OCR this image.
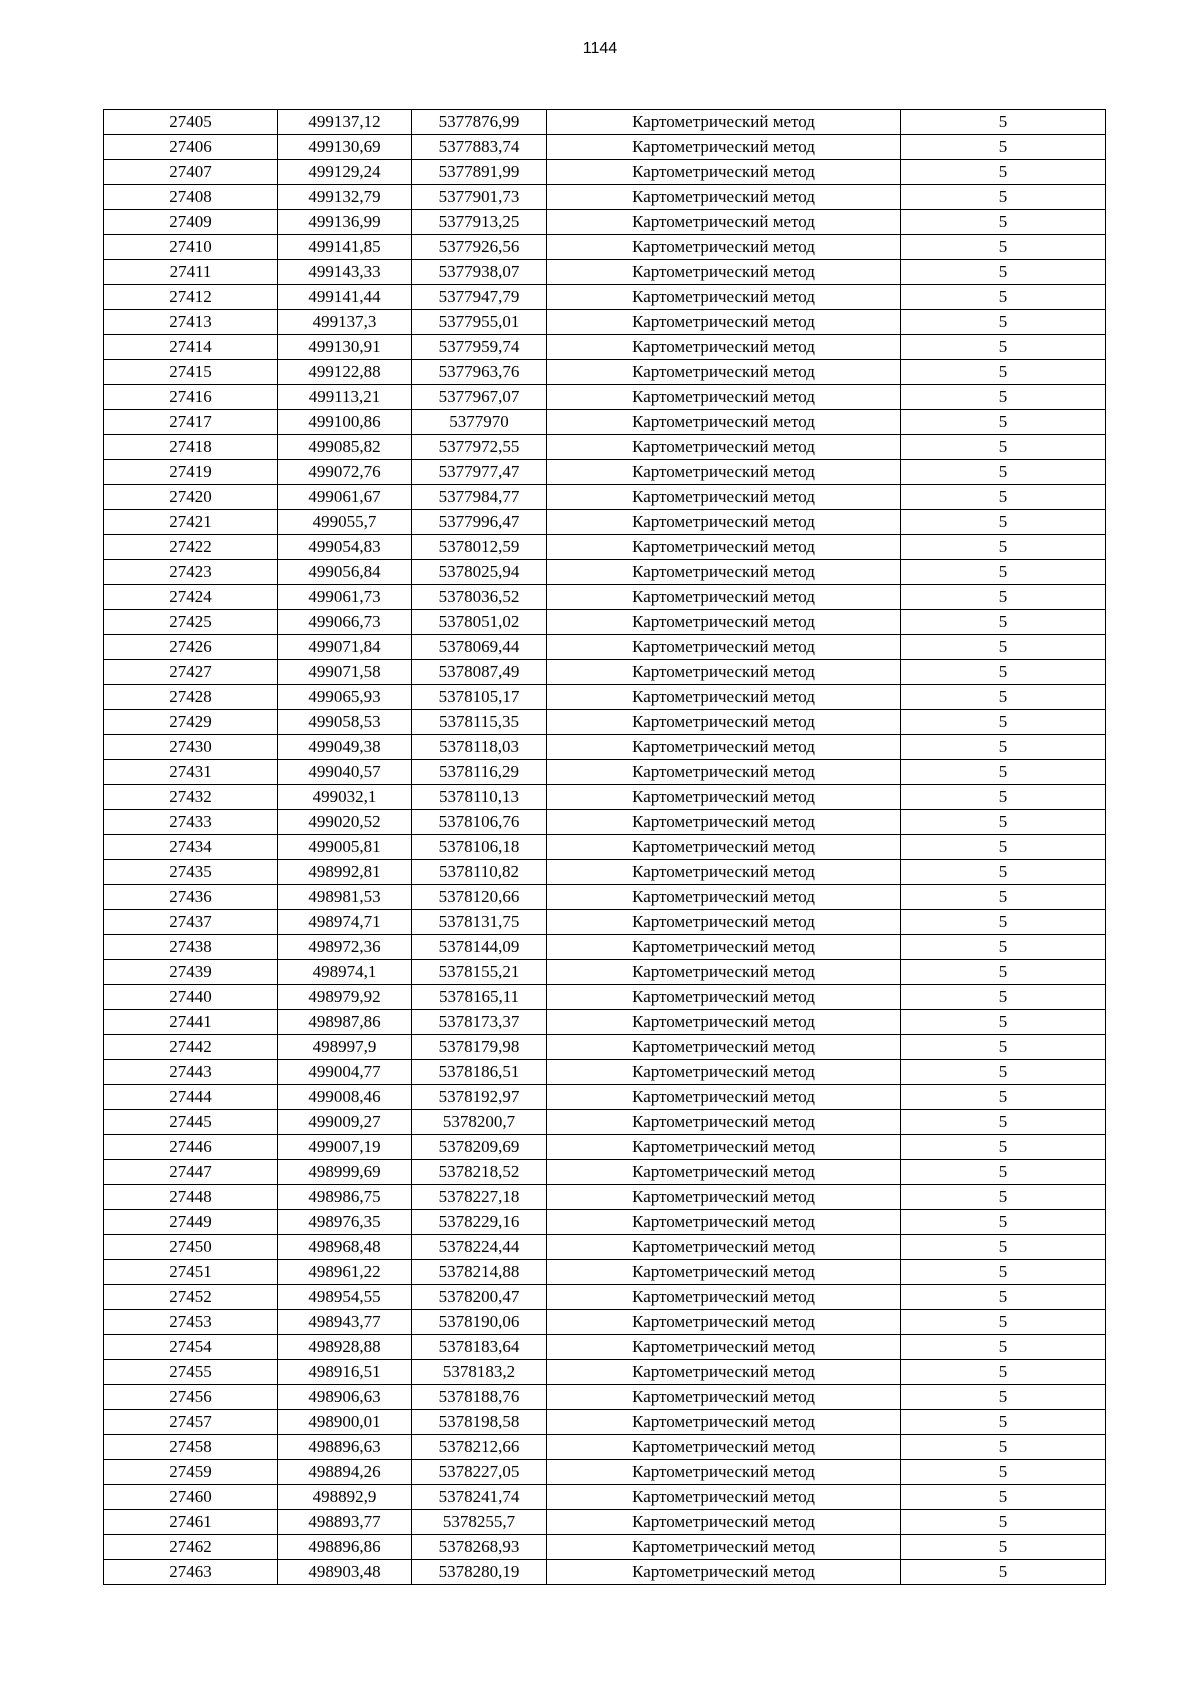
1144
27405	499137,12	5377876,99	Картометрический метод	5
27406	499130,69	5377883,74	Картометрический метод	5
27407	499129,24	5377891,99	Картометрический метод	5
27408	499132,79	5377901,73	Картометрический метод	5
27409	499136,99	5377913,25	Картометрический метод	5
27410	499141,85	5377926,56	Картометрический метод	5
27411	499143,33	5377938,07	Картометрический метод	5
27412	499141,44	5377947,79	Картометрический метод	5
27413	499137,3	5377955,01	Картометрический метод	5
27414	499130,91	5377959,74	Картометрический метод	5
27415	499122,88	5377963,76	Картометрический метод	5
27416	499113,21	5377967,07	Картометрический метод	5
27417	499100,86	5377970	Картометрический метод	5
27418	499085,82	5377972,55	Картометрический метод	5
27419	499072,76	5377977,47	Картометрический метод	5
27420	499061,67	5377984,77	Картометрический метод	5
27421	499055,7	5377996,47	Картометрический метод	5
27422	499054,83	5378012,59	Картометрический метод	5
27423	499056,84	5378025,94	Картометрический метод	5
27424	499061,73	5378036,52	Картометрический метод	5
27425	499066,73	5378051,02	Картометрический метод	5
27426	499071,84	5378069,44	Картометрический метод	5
27427	499071,58	5378087,49	Картометрический метод	5
27428	499065,93	5378105,17	Картометрический метод	5
27429	499058,53	5378115,35	Картометрический метод	5
27430	499049,38	5378118,03	Картометрический метод	5
27431	499040,57	5378116,29	Картометрический метод	5
27432	499032,1	5378110,13	Картометрический метод	5
27433	499020,52	5378106,76	Картометрический метод	5
27434	499005,81	5378106,18	Картометрический метод	5
27435	498992,81	5378110,82	Картометрический метод	5
27436	498981,53	5378120,66	Картометрический метод	5
27437	498974,71	5378131,75	Картометрический метод	5
27438	498972,36	5378144,09	Картометрический метод	5
27439	498974,1	5378155,21	Картометрический метод	5
27440	498979,92	5378165,11	Картометрический метод	5
27441	498987,86	5378173,37	Картометрический метод	5
27442	498997,9	5378179,98	Картометрический метод	5
27443	499004,77	5378186,51	Картометрический метод	5
27444	499008,46	5378192,97	Картометрический метод	5
27445	499009,27	5378200,7	Картометрический метод	5
27446	499007,19	5378209,69	Картометрический метод	5
27447	498999,69	5378218,52	Картометрический метод	5
27448	498986,75	5378227,18	Картометрический метод	5
27449	498976,35	5378229,16	Картометрический метод	5
27450	498968,48	5378224,44	Картометрический метод	5
27451	498961,22	5378214,88	Картометрический метод	5
27452	498954,55	5378200,47	Картометрический метод	5
27453	498943,77	5378190,06	Картометрический метод	5
27454	498928,88	5378183,64	Картометрический метод	5
27455	498916,51	5378183,2	Картометрический метод	5
27456	498906,63	5378188,76	Картометрический метод	5
27457	498900,01	5378198,58	Картометрический метод	5
27458	498896,63	5378212,66	Картометрический метод	5
27459	498894,26	5378227,05	Картометрический метод	5
27460	498892,9	5378241,74	Картометрический метод	5
27461	498893,77	5378255,7	Картометрический метод	5
27462	498896,86	5378268,93	Картометрический метод	5
27463	498903,48	5378280,19	Картометрический метод	5
